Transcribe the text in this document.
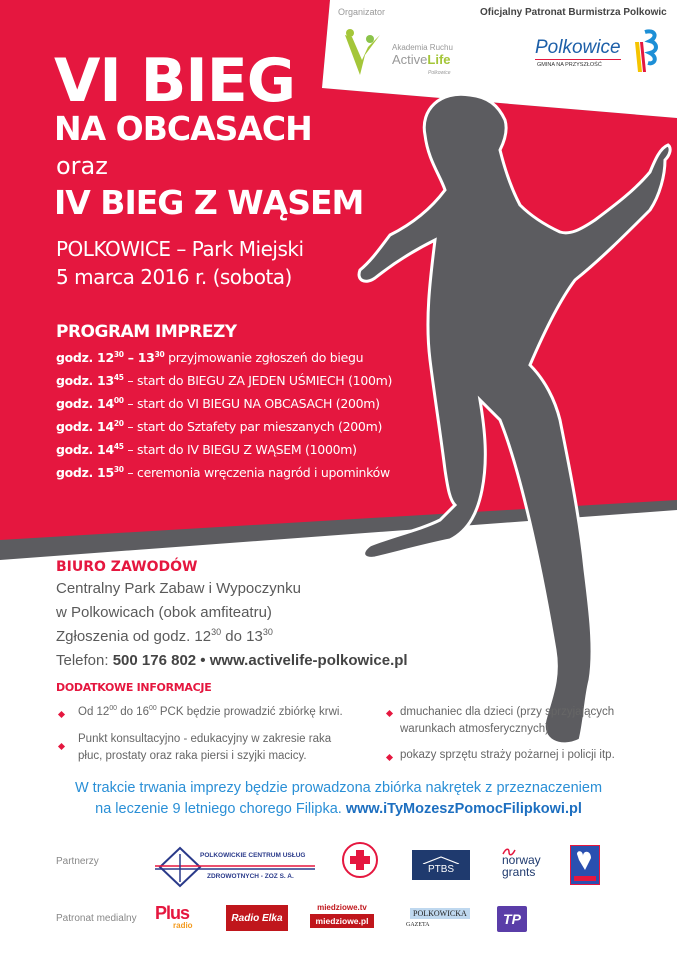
Organizator	Oficjalny Patronat Burmistrza Polkowic
Akademia Ruchu
ActiveLife
Polkowice
Polkowice
GMINA NA PRZYSZŁOŚĆ
VI BIEG
NA OBCASACH
oraz
IV BIEG Z WĄSEM
POLKOWICE – Park Miejski
5 marca 2016 r. (sobota)
PROGRAM IMPREZY
godz. $12^{30} - 13^{30}$ przyjmowanie zgłoszeń do biegu
godz. $13^{45}$ – start do BIEGU ZA JEDEN UŚMIECH (100m)
godz. $14^{00}$ – start do VI BIEGU NA OBCASACH (200m)
godz. $14^{20}$ – start do Sztafety par mieszanych (200m)
godz. $14^{45}$ – start do IV BIEGU Z WĄSEM (1000m)
godz. $15^{30}$ – ceremonia wręczenia nagród i upominków
BIURO ZAWODÓW
Centralny Park Zabaw i Wypoczynku
w Polkowicach (obok amfiteatru)
Zgłoszenia od godz. $12^{30}$ do $13^{30}$
Telefon: 500 176 802 • www.activelife-polkowice.pl
DODATKOWE INFORMACJE
Od $12^{00}$ do $16^{00}$ PCK będzie prowadzić zbiórkę krwi.
Punkt konsultacyjno - edukacyjny w zakresie raka
płuc, prostaty oraz raka piersi i szyjki macicy.
dmuchaniec dla dzieci (przy sprzyjających
warunkach atmosferycznych)
pokazy sprzętu straży pożarnej i policji itp.
W trakcie trwania imprezy będzie prowadzona zbiórka nakrętek z przeznaczeniem
na leczenie 9 letniego chorego Filipka. www.iTyMozeszPomocFilipkowi.pl
Partnerzy
POLKOWICKIE CENTRUM USŁUG
ZDROWOTNYCH - ZOZ S. A.
PTBS
norway
grants
Patronat medialny Plus
radio
Radio Elka
miedziowe.tv
miedziowe.pl
POLKOWICKA
GAZETA	TP
